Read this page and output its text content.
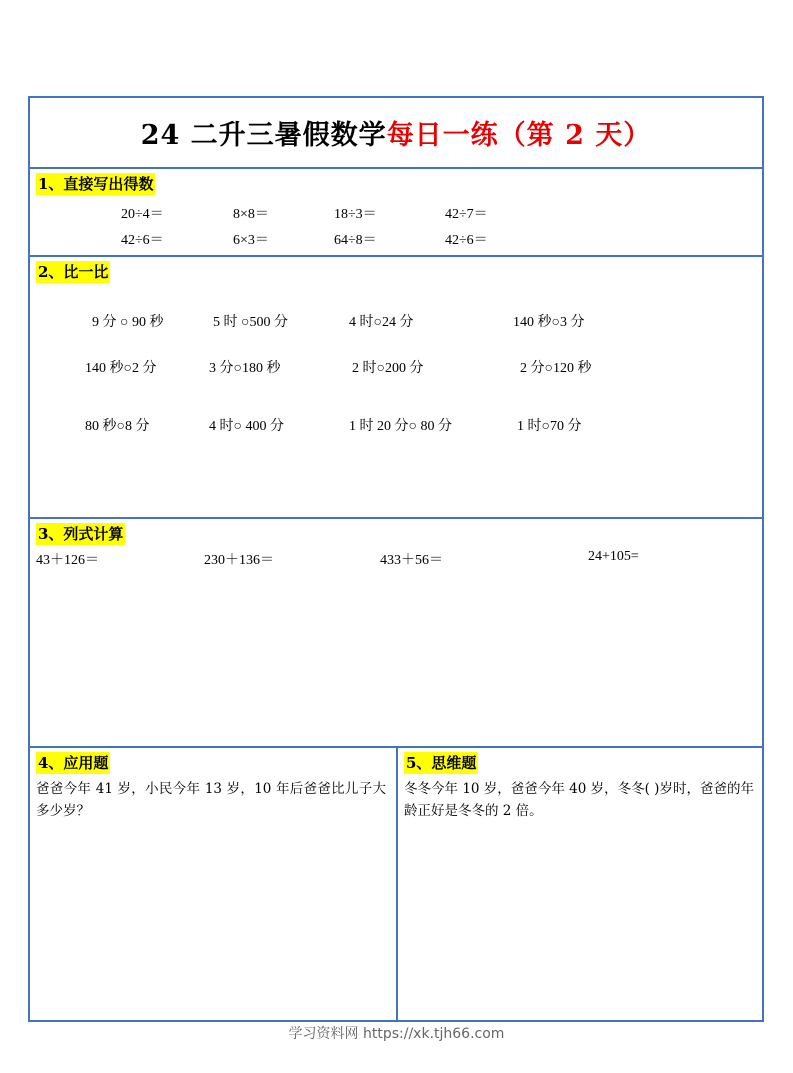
24 二升三暑假数学 每日一练（第 2 天）
1、直接写出得数
20÷4＝	8×8＝	18÷3＝	42÷7＝
42÷6＝	6×3＝	64÷8＝	42÷6＝
2、比一比
9 分 ○ 90 秒	5 时 ○500 分	4 时○24 分	140 秒○3 分
140 秒○2 分	3 分○180 秒	2 时○200 分	2 分○120 秒
80 秒○8 分	4 时○ 400 分	1 时 20 分○ 80 分	1 时○70 分
3、列式计算
43＋126＝	230＋136＝	433＋56＝	24+105=
4、应用题
爸爸今年 41 岁，小民今年 13 岁，10 年后爸爸比儿子大多少岁？
5、思维题
冬冬今年 10 岁，爸爸今年 40 岁，冬冬( )岁时，爸爸的年龄正好是冬冬的 2 倍。
学习资料网 https://xk.tjh66.com
